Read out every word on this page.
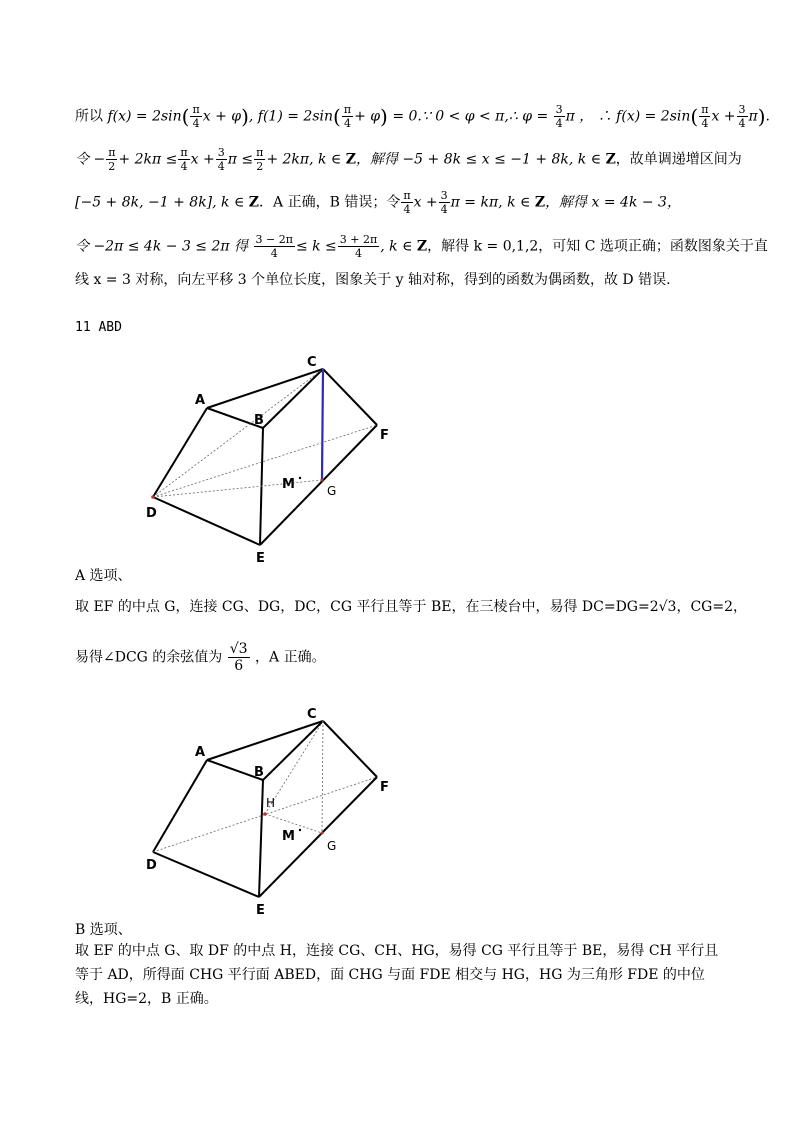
所以 $f(x) = 2\sin( \frac{\pi}{4}$ x + φ), $f(1) = 2\sin( \frac{\pi}{4} + \varphi)$ = 0.∵ 0 < φ < π,∴ $\varphi = \frac{3}{4}$ π ， ∴ $f(x) = 2\sin( \frac{\pi}{4}$ $x + \frac{3}{4} \pi$).
令 − $\frac{\pi}{2} + 2k\pi \le \frac{\pi}{4}$ $x + \frac{3}{4}$ $\pi \le \frac{\pi}{2} + 2k\pi$, k ∈ Z，解得 −5 + 8k ≤ x ≤ −1 + 8k, k ∈ Z，故单调递增区间为
[−5 + 8k, −1 + 8k], k ∈ Z．A 正确，B 错误；令 $\frac{\pi}{4}$ $x + \frac{3}{4}$ π = kπ, k ∈ Z，解得 x = 4k − 3，
令 −2π ≤ 4k − 3 ≤ 2π 得 $\frac{3 - 2\pi}{4} \le k \le \frac{3 + 2\pi}{4}$ , k ∈ Z，解得 k = 0,1,2，可知 C 选项正确；函数图象关于直
线 x = 3 对称，向左平移 3 个单位长度，图象关于 y 轴对称，得到的函数为偶函数，故 D 错误.
11 ABD
A
B
C
D
E
F
G
M
A 选项、
取 EF 的中点 G，连接 CG、DG，DC，CG 平行且等于 BE，在三棱台中，易得 DC=DG=2√3，CG=2，
易得∠DCG 的余弦值为 $\frac{√3}{6}$ ，A 正确。
A
B
C
D
E
F
H
G
M
B 选项、
取 EF 的中点 G、取 DF 的中点 H，连接 CG、CH、HG，易得 CG 平行且等于 BE，易得 CH 平行且等于 AD，所得面 CHG 平行面 ABED，面 CHG 与面 FDE 相交与 HG，HG 为三角形 FDE 的中位线，HG=2，B 正确。
